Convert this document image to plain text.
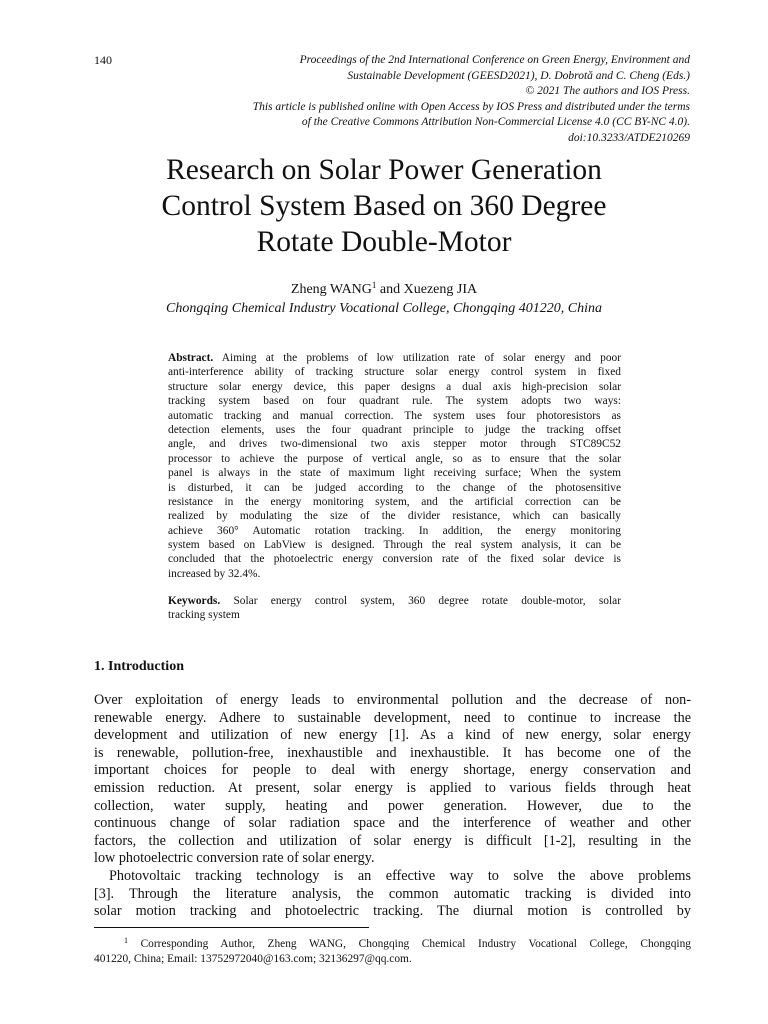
140	Proceedings of the 2nd International Conference on Green Energy, Environment and
Sustainable Development (GEESD2021), D. Dobrotă and C. Cheng (Eds.)
© 2021 The authors and IOS Press.
This article is published online with Open Access by IOS Press and distributed under the terms
of the Creative Commons Attribution Non-Commercial License 4.0 (CC BY-NC 4.0).
doi:10.3233/ATDE210269
Research on Solar Power Generation
Control System Based on 360 Degree
Rotate Double-Motor
Zheng WANG$^1$ and Xuezeng JIA
Chongqing Chemical Industry Vocational College, Chongqing 401220, China
Abstract. Aiming at the problems of low utilization rate of solar energy and poor
anti-interference ability of tracking structure solar energy control system in fixed
structure solar energy device, this paper designs a dual axis high-precision solar
tracking system based on four quadrant rule. The system adopts two ways:
automatic tracking and manual correction. The system uses four photoresistors as
detection elements, uses the four quadrant principle to judge the tracking offset
angle, and drives two-dimensional two axis stepper motor through STC89C52
processor to achieve the purpose of vertical angle, so as to ensure that the solar
panel is always in the state of maximum light receiving surface; When the system
is disturbed, it can be judged according to the change of the photosensitive
resistance in the energy monitoring system, and the artificial correction can be
realized by modulating the size of the divider resistance, which can basically
achieve 360° Automatic rotation tracking. In addition, the energy monitoring
system based on LabView is designed. Through the real system analysis, it can be
concluded that the photoelectric energy conversion rate of the fixed solar device is
increased by 32.4%.
Keywords. Solar energy control system, 360 degree rotate double-motor, solar
tracking system
1. Introduction
Over exploitation of energy leads to environmental pollution and the decrease of non-
renewable energy. Adhere to sustainable development, need to continue to increase the
development and utilization of new energy [1]. As a kind of new energy, solar energy
is renewable, pollution-free, inexhaustible and inexhaustible. It has become one of the
important choices for people to deal with energy shortage, energy conservation and
emission reduction. At present, solar energy is applied to various fields through heat
collection, water supply, heating and power generation. However, due to the
continuous change of solar radiation space and the interference of weather and other
factors, the collection and utilization of solar energy is difficult [1-2], resulting in the
low photoelectric conversion rate of solar energy.
Photovoltaic tracking technology is an effective way to solve the above problems
[3]. Through the literature analysis, the common automatic tracking is divided into
solar motion tracking and photoelectric tracking. The diurnal motion is controlled by
$^1$ Corresponding Author, Zheng WANG, Chongqing Chemical Industry Vocational College, Chongqing
401220, China; Email: 13752972040@163.com; 32136297@qq.com.
